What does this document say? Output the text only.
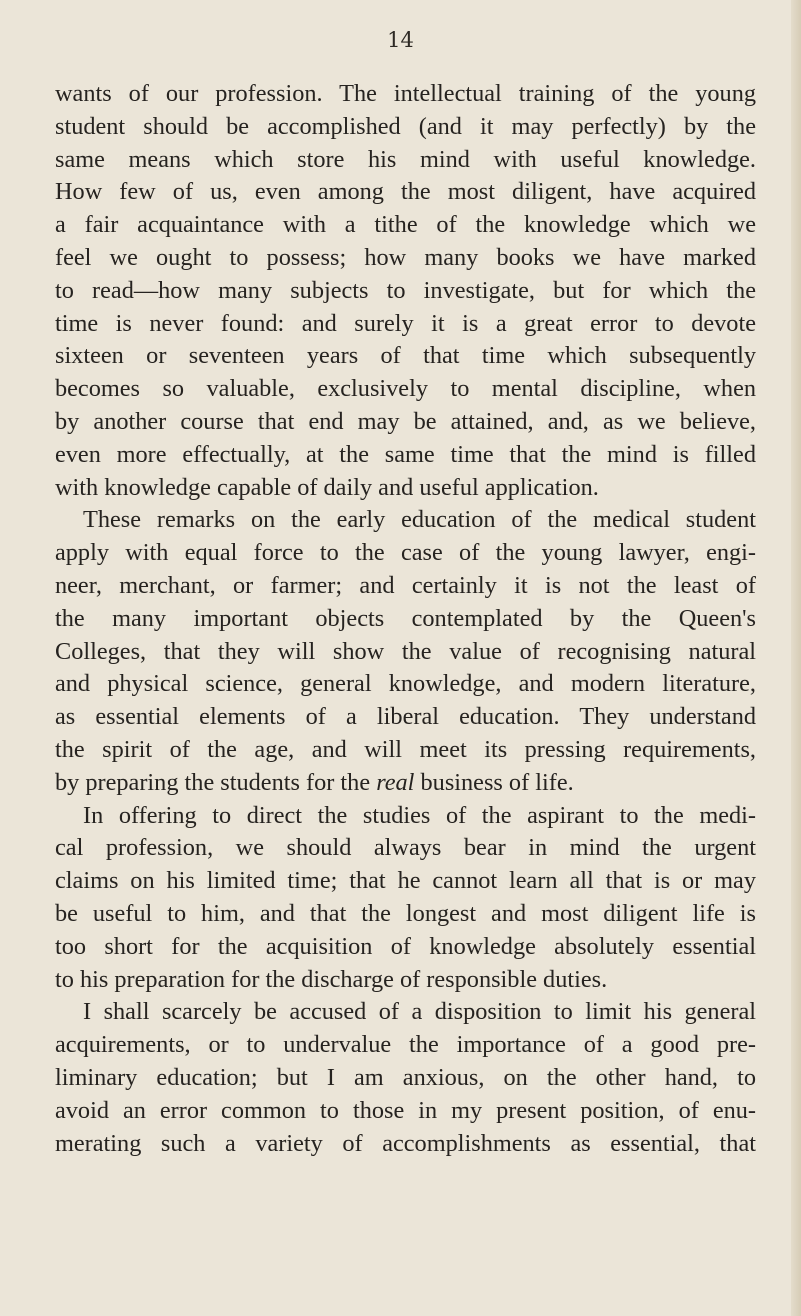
14

wants of our profession. The intellectual training of the young
student should be accomplished (and it may perfectly) by the
same means which store his mind with useful knowledge.
How few of us, even among the most diligent, have acquired
a fair acquaintance with a tithe of the knowledge which we
feel we ought to possess; how many books we have marked
to read—how many subjects to investigate, but for which the
time is never found: and surely it is a great error to devote
sixteen or seventeen years of that time which subsequently
becomes so valuable, exclusively to mental discipline, when
by another course that end may be attained, and, as we believe,
even more effectually, at the same time that the mind is filled
with knowledge capable of daily and useful application.
These remarks on the early education of the medical student
apply with equal force to the case of the young lawyer, engi-
neer, merchant, or farmer; and certainly it is not the least of
the many important objects contemplated by the Queen's
Colleges, that they will show the value of recognising natural
and physical science, general knowledge, and modern literature,
as essential elements of a liberal education. They understand
the spirit of the age, and will meet its pressing requirements,
by preparing the students for the real business of life.
In offering to direct the studies of the aspirant to the medi-
cal profession, we should always bear in mind the urgent
claims on his limited time; that he cannot learn all that is or may
be useful to him, and that the longest and most diligent life is
too short for the acquisition of knowledge absolutely essential
to his preparation for the discharge of responsible duties.
I shall scarcely be accused of a disposition to limit his general
acquirements, or to undervalue the importance of a good pre-
liminary education; but I am anxious, on the other hand, to
avoid an error common to those in my present position, of enu-
merating such a variety of accomplishments as essential, that
